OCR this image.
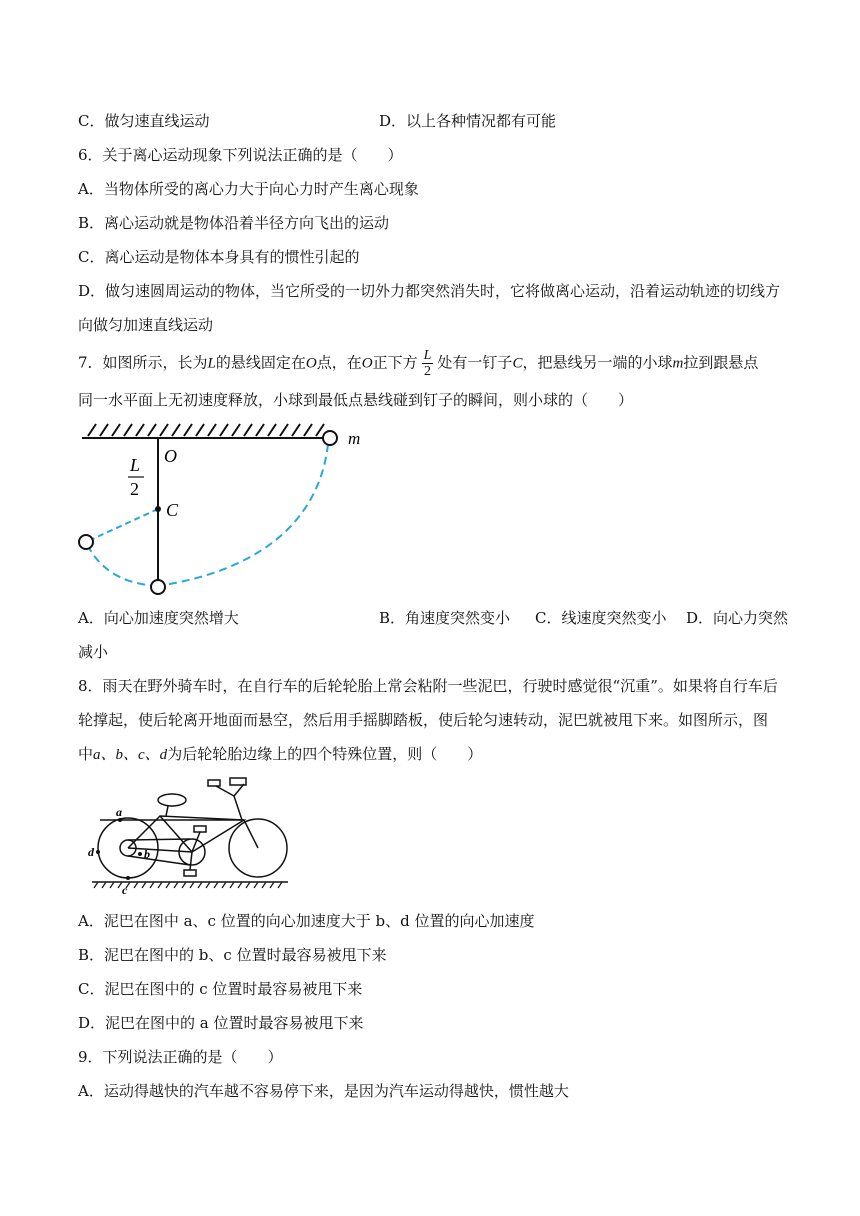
C．做匀速直线运动	D．以上各种情况都有可能
6．关于离心运动现象下列说法正确的是（　　）
A．当物体所受的离心力大于向心力时产生离心现象
B．离心运动就是物体沿着半径方向飞出的运动
C．离心运动是物体本身具有的惯性引起的
D．做匀速圆周运动的物体，当它所受的一切外力都突然消失时，它将做离心运动，沿着运动轨迹的切线方
向做匀加速直线运动
7．如图所示，长为L的悬线固定在O点，在O正下方 $\frac{L}{2}$ 处有一钉子C，把悬线另一端的小球m拉到跟悬点
同一水平面上无初速度释放，小球到最低点悬线碰到钉子的瞬间，则小球的（　　）
m
O
C
L
2
A．向心加速度突然增大	B．角速度突然变小 C．线速度突然变小 D．向心力突然
减小
8．雨天在野外骑车时，在自行车的后轮轮胎上常会粘附一些泥巴，行驶时感觉很“沉重”。如果将自行车后
轮撑起，使后轮离开地面而悬空，然后用手摇脚踏板，使后轮匀速转动，泥巴就被甩下来。如图所示，图
中a、b、c、d为后轮轮胎边缘上的四个特殊位置，则（　　）
a
b
c
d
A．泥巴在图中 a、c 位置的向心加速度大于 b、d 位置的向心加速度
B．泥巴在图中的 b、c 位置时最容易被甩下来
C．泥巴在图中的 c 位置时最容易被甩下来
D．泥巴在图中的 a 位置时最容易被甩下来
9．下列说法正确的是（　　）
A．运动得越快的汽车越不容易停下来，是因为汽车运动得越快，惯性越大
